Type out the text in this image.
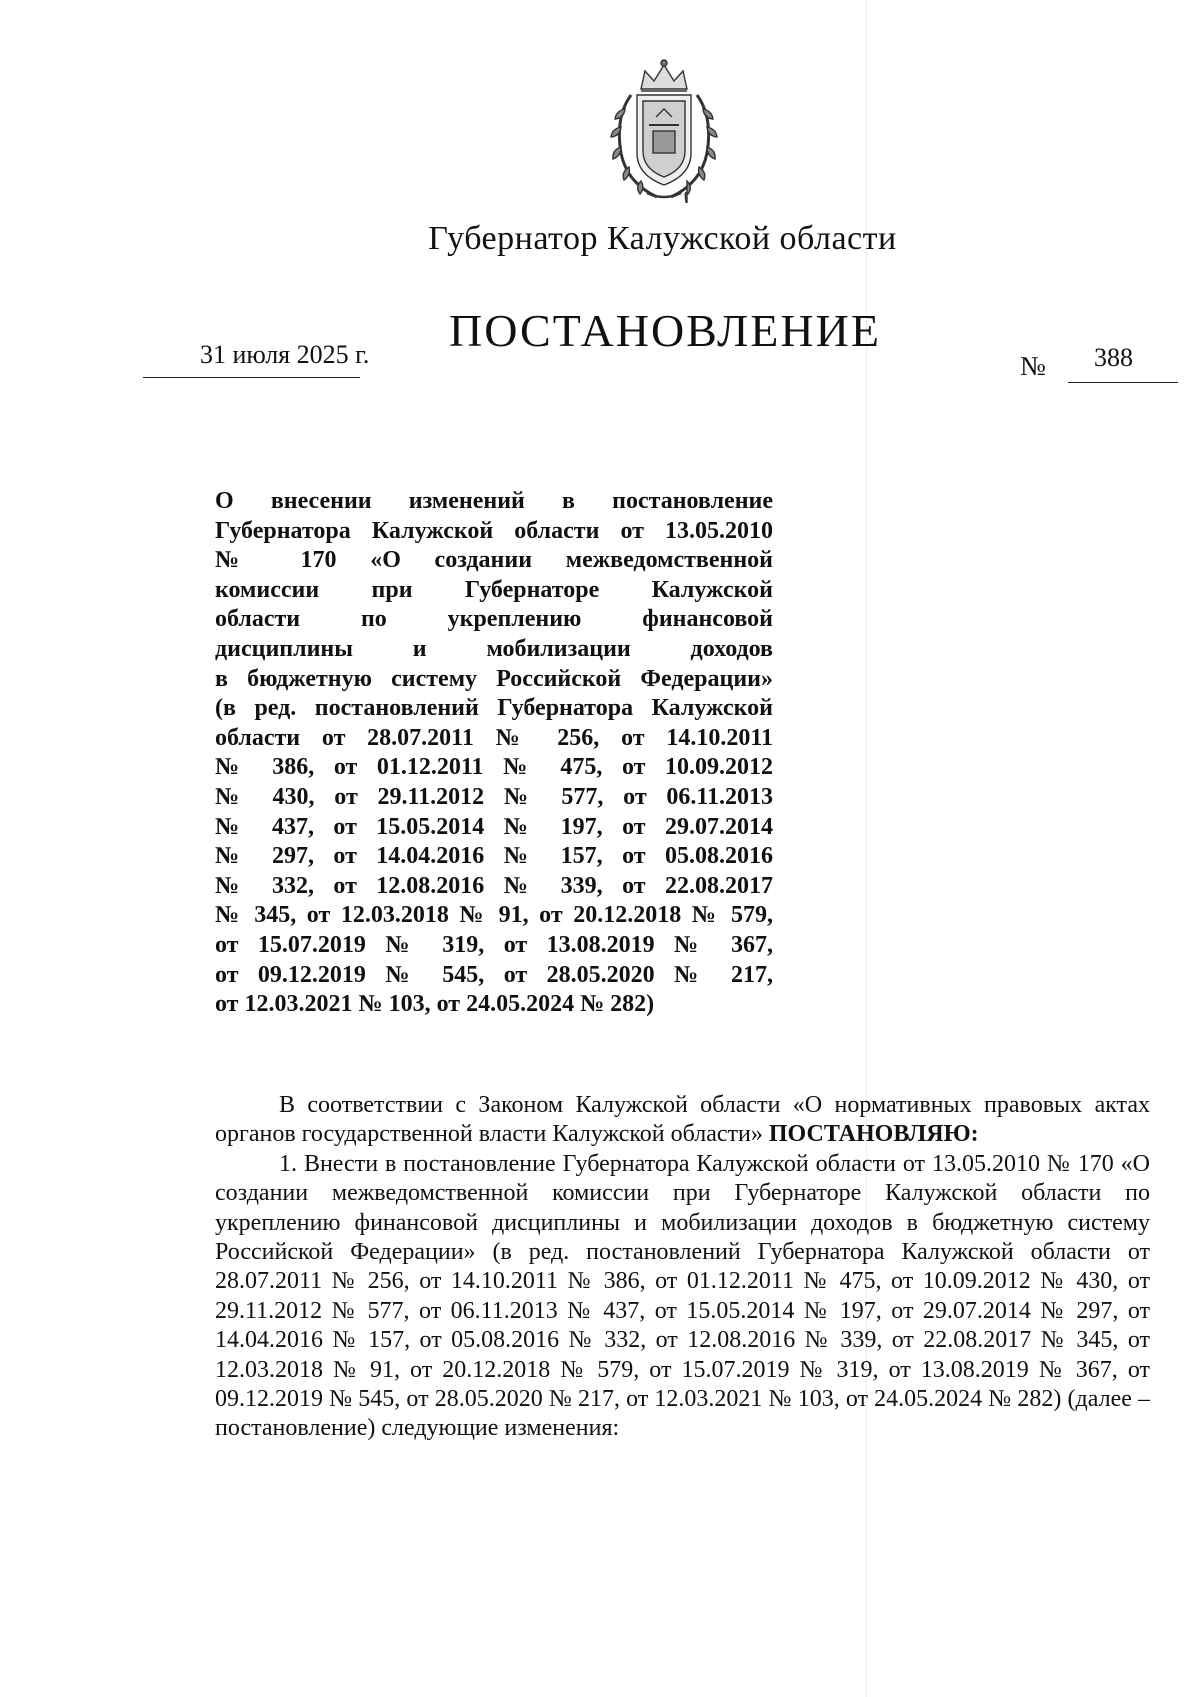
Губернатор Калужской области
ПОСТАНОВЛЕНИЕ
31 июля 2025 г.	№ 388
О внесении изменений в постановление
Губернатора Калужской области от 13.05.2010
№ 170 «О создании межведомственной
комиссии при Губернаторе Калужской
области по укреплению финансовой
дисциплины и мобилизации доходов
в бюджетную систему Российской Федерации»
(в ред. постановлений Губернатора Калужской
области от 28.07.2011 № 256, от 14.10.2011
№ 386, от 01.12.2011 № 475, от 10.09.2012
№ 430, от 29.11.2012 № 577, от 06.11.2013
№ 437, от 15.05.2014 № 197, от 29.07.2014
№ 297, от 14.04.2016 № 157, от 05.08.2016
№ 332, от 12.08.2016 № 339, от 22.08.2017
№ 345, от 12.03.2018 № 91, от 20.12.2018 № 579,
от 15.07.2019 № 319, от 13.08.2019 № 367,
от 09.12.2019 № 545, от 28.05.2020 № 217,
от 12.03.2021 № 103, от 24.05.2024 № 282)

В соответствии с Законом Калужской области «О нормативных правовых актах органов государственной власти Калужской области» ПОСТАНОВЛЯЮ:

1. Внести в постановление Губернатора Калужской области от 13.05.2010 № 170 «О создании межведомственной комиссии при Губернаторе Калужской области по укреплению финансовой дисциплины и мобилизации доходов в бюджетную систему Российской Федерации» (в ред. постановлений Губернатора Калужской области от 28.07.2011 № 256, от 14.10.2011 № 386, от 01.12.2011 № 475, от 10.09.2012 № 430, от 29.11.2012 № 577, от 06.11.2013 № 437, от 15.05.2014 № 197, от 29.07.2014 № 297, от 14.04.2016 № 157, от 05.08.2016 № 332, от 12.08.2016 № 339, от 22.08.2017 № 345, от 12.03.2018 № 91, от 20.12.2018 № 579, от 15.07.2019 № 319, от 13.08.2019 № 367, от 09.12.2019 № 545, от 28.05.2020 № 217, от 12.03.2021 № 103, от 24.05.2024 № 282) (далее – постановление) следующие изменения:
